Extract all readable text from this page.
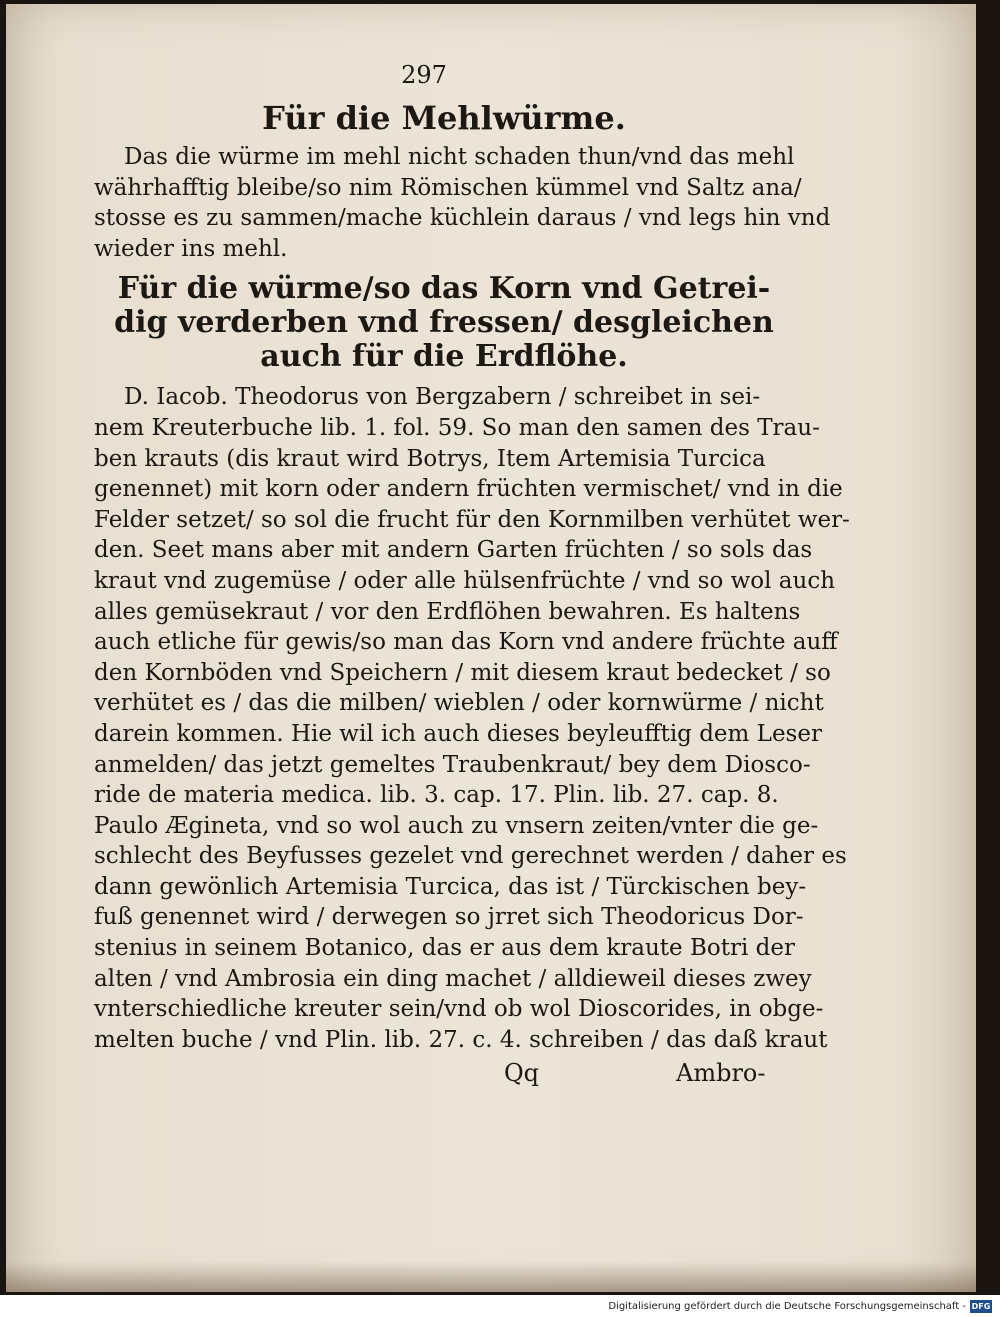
297
Für die Mehlwürme.

Das die würme im mehl nicht schaden thun/vnd das mehl

währhafftig bleibe/so nim Römischen kümmel vnd Saltz ana/

stosse es zu sammen/mache küchlein daraus / vnd legs hin vnd

wieder ins mehl.

Für die würme/so das Korn vnd Getrei-
dig verderben vnd fressen/ desgleichen
auch für die Erdflöhe.

D. Iacob. Theodorus von Bergzabern / schreibet in sei-

nem Kreuterbuche lib. 1. fol. 59. So man den samen des Trau-

ben krauts (dis kraut wird Botrys, Item Artemisia Turcica

genennet) mit korn oder andern früchten vermischet/ vnd in die

Felder setzet/ so sol die frucht für den Kornmilben verhütet wer-

den. Seet mans aber mit andern Garten früchten / so sols das

kraut vnd zugemüse / oder alle hülsenfrüchte / vnd so wol auch

alles gemüsekraut / vor den Erdflöhen bewahren. Es haltens

auch etliche für gewis/so man das Korn vnd andere früchte auff

den Kornböden vnd Speichern / mit diesem kraut bedecket / so

verhütet es / das die milben/ wieblen / oder kornwürme / nicht

darein kommen. Hie wil ich auch dieses beyleufftig dem Leser

anmelden/ das jetzt gemeltes Traubenkraut/ bey dem Diosco-

ride de materia medica. lib. 3. cap. 17. Plin. lib. 27. cap. 8.

Paulo Ægineta, vnd so wol auch zu vnsern zeiten/vnter die ge-

schlecht des Beyfusses gezelet vnd gerechnet werden / daher es

dann gewönlich Artemisia Turcica, das ist / Türckischen bey-

fuß genennet wird / derwegen so jrret sich Theodoricus Dor-

stenius in seinem Botanico, das er aus dem kraute Botri der

alten / vnd Ambrosia ein ding machet / alldieweil dieses zwey

vnterschiedliche kreuter sein/vnd ob wol Dioscorides, in obge-

melten buche / vnd Plin. lib. 27. c. 4. schreiben / das daß kraut

Qq	Ambro-
Digitalisierung gefördert durch die Deutsche Forschungsgemeinschaft - DFG
